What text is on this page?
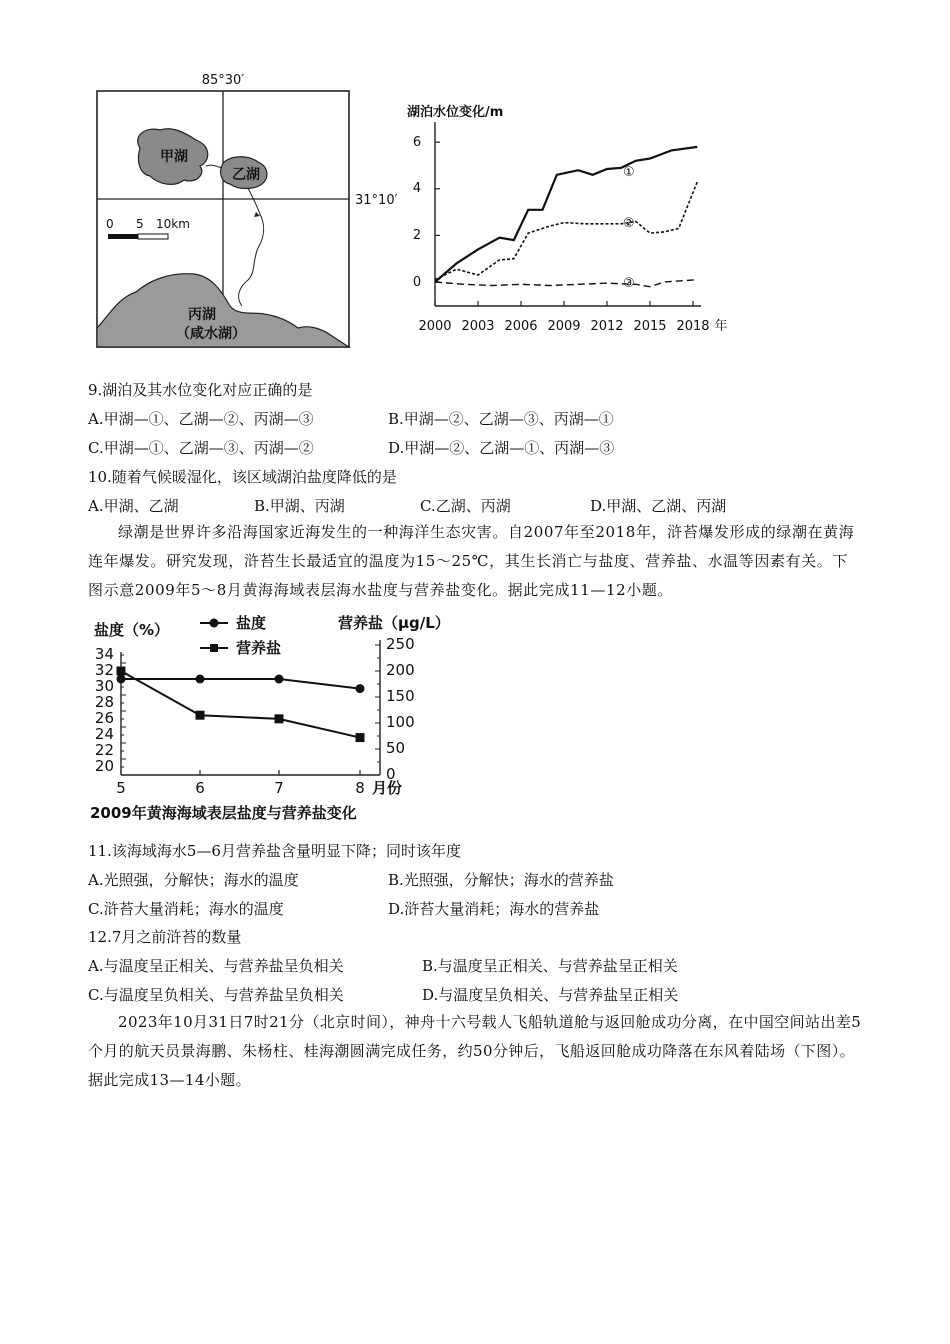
85°30′
31°10′
甲湖
乙湖
丙湖
（咸水湖）
0 5 10km
湖泊水位变化/m
6
4
2
0
2000 2003 2006 2009 2012 2015 2018 年
①
②
③
9.湖泊及其水位变化对应正确的是
A.甲湖—①、乙湖—②、丙湖—③	B.甲湖—②、乙湖—③、丙湖—①
C.甲湖—①、乙湖—③、丙湖—②	D.甲湖—②、乙湖—①、丙湖—③
10.随着气候暖湿化，该区域湖泊盐度降低的是
A.甲湖、乙湖	B.甲湖、丙湖	C.乙湖、丙湖	D.甲湖、乙湖、丙湖
绿潮是世界许多沿海国家近海发生的一种海洋生态灾害。自2007年至2018年，浒苔爆发形成的绿潮在黄海连年爆发。研究发现，浒苔生长最适宜的温度为15～25℃，其生长消亡与盐度、营养盐、水温等因素有关。下图示意2009年5～8月黄海海域表层海水盐度与营养盐变化。据此完成11—12小题。
盐度（%）	营养盐（μg/L）
盐度
营养盐
34
32
30
28
26
24
22
20
250
200
150
100
50
0
5	6	7	8 月份
2009年黄海海域表层盐度与营养盐变化
11.该海域海水5—6月营养盐含量明显下降；同时该年度
A.光照强，分解快；海水的温度	B.光照强，分解快；海水的营养盐
C.浒苔大量消耗；海水的温度	D.浒苔大量消耗；海水的营养盐
12.7月之前浒苔的数量
A.与温度呈正相关、与营养盐呈负相关	B.与温度呈正相关、与营养盐呈正相关
C.与温度呈负相关、与营养盐呈负相关	D.与温度呈负相关、与营养盐呈正相关
2023年10月31日7时21分（北京时间），神舟十六号载人飞船轨道舱与返回舱成功分离，在中国空间站出差5个月的航天员景海鹏、朱杨柱、桂海潮圆满完成任务，约50分钟后，飞船返回舱成功降落在东风着陆场（下图）。据此完成13—14小题。
